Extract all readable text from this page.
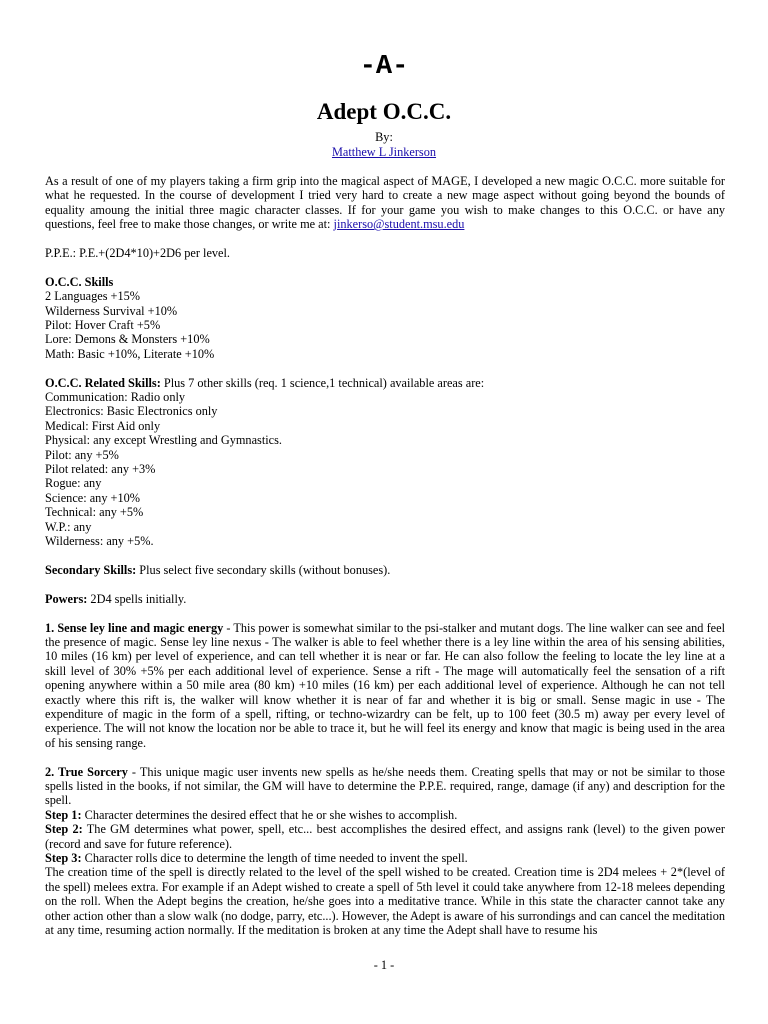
-A-
Adept O.C.C.
By:
Matthew L Jinkerson

As a result of one of my players taking a firm grip into the magical aspect of MAGE, I developed a new magic O.C.C. more suitable for what he requested. In the course of development I tried very hard to create a new mage aspect without going beyond the bounds of equality amoung the initial three magic character classes. If for your game you wish to make changes to this O.C.C. or have any questions, feel free to make those changes, or write me at: jinkerso@student.msu.edu

P.P.E.: P.E.+(2D4*10)+2D6 per level.

O.C.C. Skills
2 Languages +15%
Wilderness Survival +10%
Pilot: Hover Craft +5%
Lore: Demons & Monsters +10%
Math: Basic +10%, Literate +10%

O.C.C. Related Skills: Plus 7 other skills (req. 1 science,1 technical) available areas are:
Communication: Radio only
Electronics: Basic Electronics only
Medical: First Aid only
Physical: any except Wrestling and Gymnastics.
Pilot: any +5%
Pilot related: any +3%
Rogue: any
Science: any +10%
Technical: any +5%
W.P.: any
Wilderness: any +5%.

Secondary Skills: Plus select five secondary skills (without bonuses).

Powers: 2D4 spells initially.

1. Sense ley line and magic energy - This power is somewhat similar to the psi-stalker and mutant dogs. The line walker can see and feel the presence of magic. Sense ley line nexus - The walker is able to feel whether there is a ley line within the area of his sensing abilities, 10 miles (16 km) per level of experience, and can tell whether it is near or far. He can also follow the feeling to locate the ley line at a skill level of 30% +5% per each additional level of experience. Sense a rift - The mage will automatically feel the sensation of a rift opening anywhere within a 50 mile area (80 km) +10 miles (16 km) per each additional level of experience. Although he can not tell exactly where this rift is, the walker will know whether it is near of far and whether it is big or small. Sense magic in use - The expenditure of magic in the form of a spell, rifting, or techno-wizardry can be felt, up to 100 feet (30.5 m) away per every level of experience. The will not know the location nor be able to trace it, but he will feel its energy and know that magic is being used in the area of his sensing range.

2. True Sorcery - This unique magic user invents new spells as he/she needs them. Creating spells that may or not be similar to those spells listed in the books, if not similar, the GM will have to determine the P.P.E. required, range, damage (if any) and description for the spell.
Step 1: Character determines the desired effect that he or she wishes to accomplish.
Step 2: The GM determines what power, spell, etc... best accomplishes the desired effect, and assigns rank (level) to the given power (record and save for future reference).
Step 3: Character rolls dice to determine the length of time needed to invent the spell.
The creation time of the spell is directly related to the level of the spell wished to be created. Creation time is 2D4 melees + 2*(level of the spell) melees extra. For example if an Adept wished to create a spell of 5th level it could take anywhere from 12-18 melees depending on the roll. When the Adept begins the creation, he/she goes into a meditative trance. While in this state the character cannot take any other action other than a slow walk (no dodge, parry, etc...). However, the Adept is aware of his surrondings and can cancel the meditation at any time, resuming action normally. If the meditation is broken at any time the Adept shall have to resume his

- 1 -
